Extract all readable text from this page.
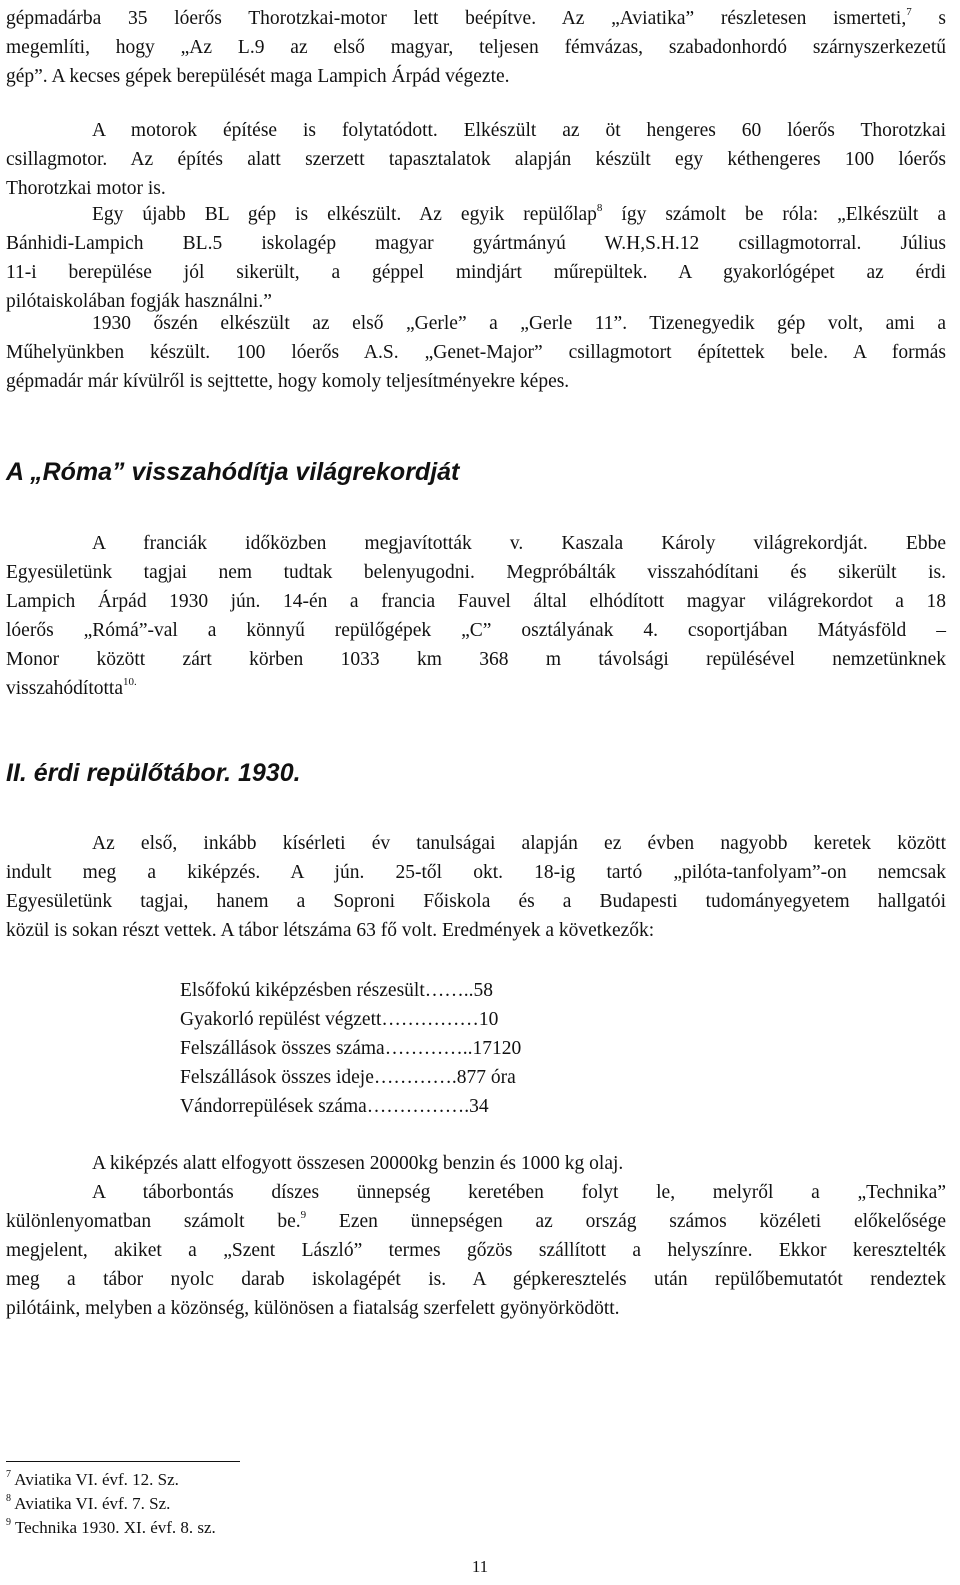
gépmadárba 35 lóerős Thorotzkai-motor lett beépítve. Az „Aviatika” részletesen ismerteti,$^7$ s
megemlíti, hogy „Az L.9 az első magyar, teljesen fémvázas, szabadonhordó szárnyszerkezetű
gép”. A kecses gépek berepülését maga Lampich Árpád végezte.
A motorok építése is folytatódott. Elkészült az öt hengeres 60 lóerős Thorotzkai
csillagmotor. Az építés alatt szerzett tapasztalatok alapján készült egy kéthengeres 100 lóerős
Thorotzkai motor is.
Egy újabb BL gép is elkészült. Az egyik repülőlap$^8$ így számolt be róla: „Elkészült a
Bánhidi-Lampich BL.5 iskolagép magyar gyártmányú W.H,S.H.12 csillagmotorral. Július
11-i berepülése jól sikerült, a géppel mindjárt műrepültek. A gyakorlógépet az érdi
pilótaiskolában fogják használni.”
1930 őszén elkészült az első „Gerle” a „Gerle 11”. Tizenegyedik gép volt, ami a
Műhelyünkben készült. 100 lóerős A.S. „Genet-Major” csillagmotort építettek bele. A formás
gépmadár már kívülről is sejttette, hogy komoly teljesítményekre képes.
A „Róma” visszahódítja világrekordját
A franciák időközben megjavították v. Kaszala Károly világrekordját. Ebbe
Egyesületünk tagjai nem tudtak belenyugodni. Megpróbálták visszahódítani és sikerült is.
Lampich Árpád 1930 jún. 14-én a francia Fauvel által elhódított magyar világrekordot a 18
lóerős „Rómá”-val a könnyű repülőgépek „C” osztályának 4. csoportjában Mátyásföld –
Monor között zárt körben 1033 km 368 m távolsági repülésével nemzetünknek
visszahódította$^{10.}$
II. érdi repülőtábor. 1930.
Az első, inkább kísérleti év tanulságai alapján ez évben nagyobb keretek között
indult meg a kiképzés. A jún. 25-től okt. 18-ig tartó „pilóta-tanfolyam”-on nemcsak
Egyesületünk tagjai, hanem a Soproni Főiskola és a Budapesti tudományegyetem hallgatói
közül is sokan részt vettek. A tábor létszáma 63 fő volt. Eredmények a következők:
Elsőfokú kiképzésben részesült……..58
Gyakorló repülést végzett……………10
Felszállások összes száma…………..17120
Felszállások összes ideje………….877 óra
Vándorrepülések száma…………….34
A kiképzés alatt elfogyott összesen 20000kg benzin és 1000 kg olaj.
A táborbontás díszes ünnepség keretében folyt le, melyről a „Technika”
különlenyomatban számolt be.$^9$ Ezen ünnepségen az ország számos közéleti előkelősége
megjelent, akiket a „Szent László” termes gőzös szállított a helyszínre. Ekkor keresztelték
meg a tábor nyolc darab iskolagépét is. A gépkeresztelés után repülőbemutatót rendeztek
pilótáink, melyben a közönség, különösen a fiatalság szerfelett gyönyörködött.
$^7$ Aviatika VI. évf. 12. Sz.
$^8$ Aviatika VI. évf. 7. Sz.
$^9$ Technika 1930. XI. évf. 8. sz.
11
